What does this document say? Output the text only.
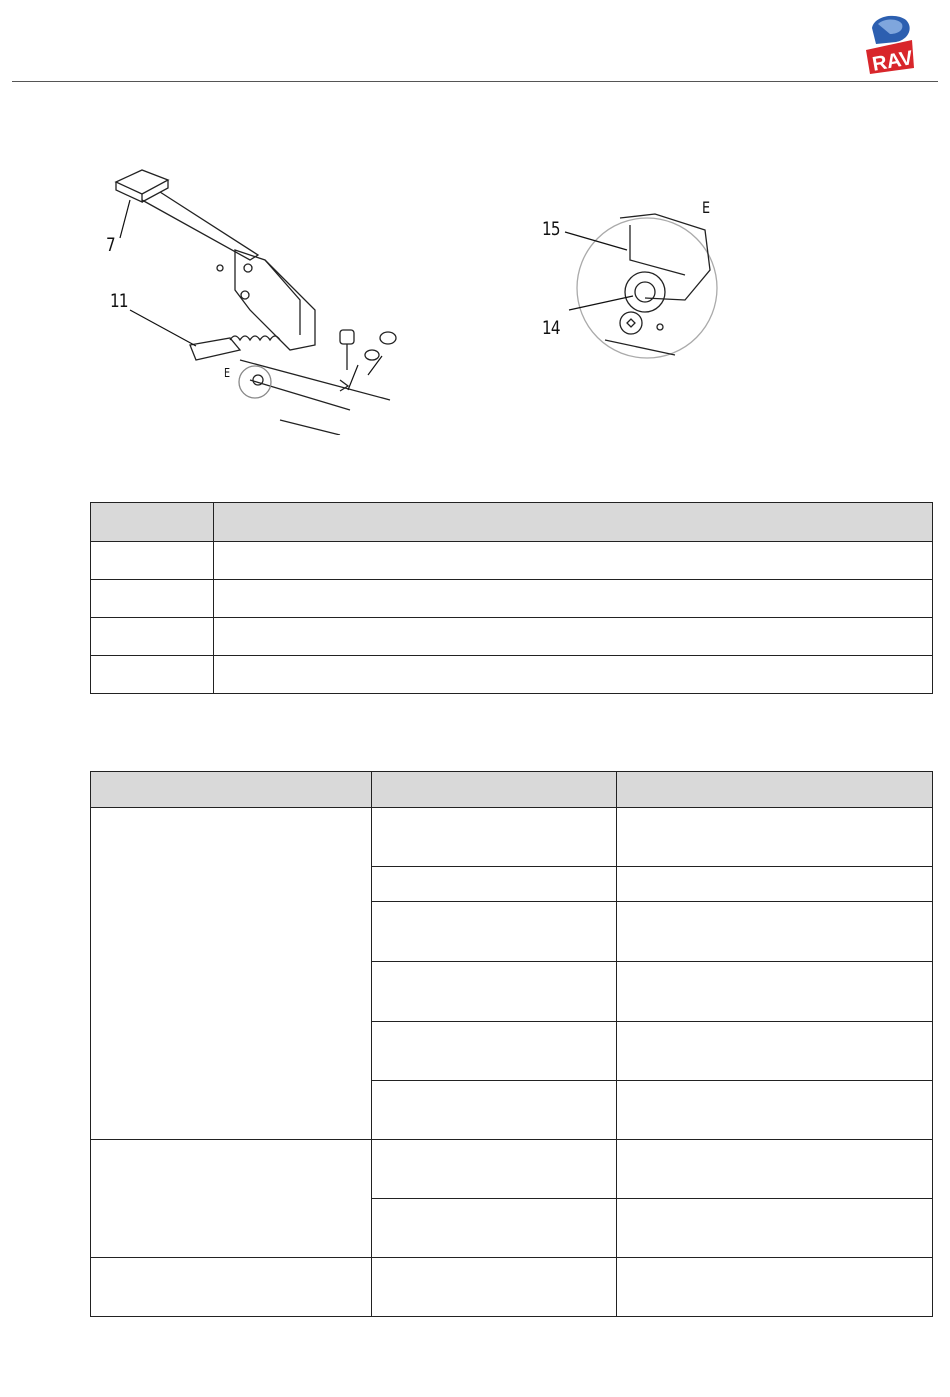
RAV
7
11
E
E
15
14
